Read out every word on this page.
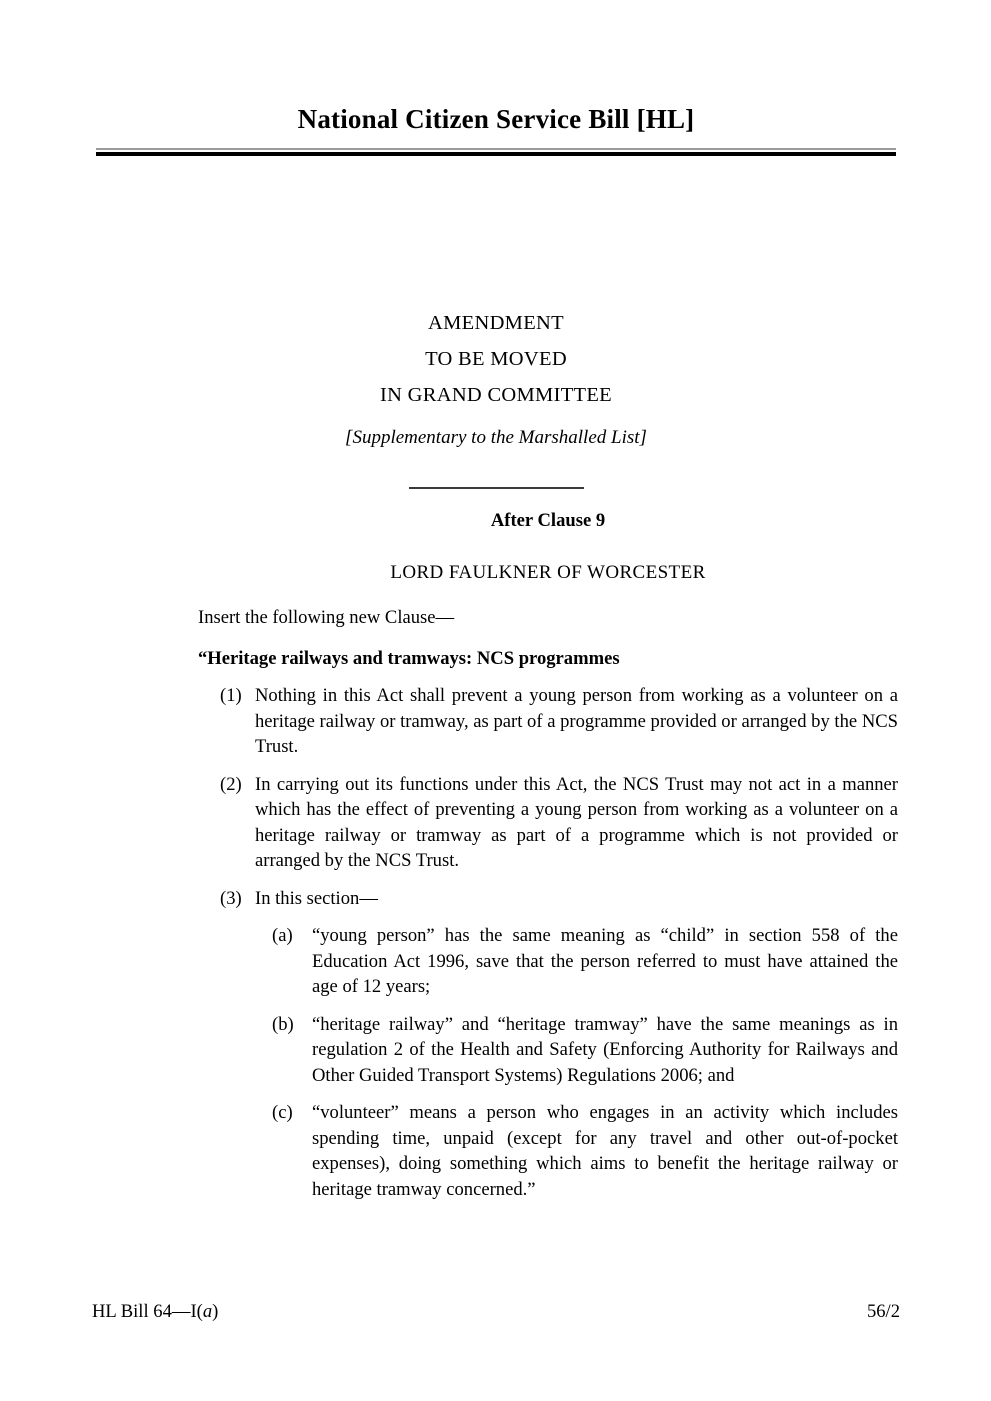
National Citizen Service Bill [HL]
AMENDMENT
TO BE MOVED
IN GRAND COMMITTEE
[Supplementary to the Marshalled List]
After Clause 9
LORD FAULKNER OF WORCESTER
Insert the following new Clause—
“Heritage railways and tramways: NCS programmes
(1) Nothing in this Act shall prevent a young person from working as a volunteer on a heritage railway or tramway, as part of a programme provided or arranged by the NCS Trust.
(2) In carrying out its functions under this Act, the NCS Trust may not act in a manner which has the effect of preventing a young person from working as a volunteer on a heritage railway or tramway as part of a programme which is not provided or arranged by the NCS Trust.
(3) In this section—
(a) “young person” has the same meaning as “child” in section 558 of the Education Act 1996, save that the person referred to must have attained the age of 12 years;
(b) “heritage railway” and “heritage tramway” have the same meanings as in regulation 2 of the Health and Safety (Enforcing Authority for Railways and Other Guided Transport Systems) Regulations 2006; and
(c) “volunteer” means a person who engages in an activity which includes spending time, unpaid (except for any travel and other out-of-pocket expenses), doing something which aims to benefit the heritage railway or heritage tramway concerned.”
HL Bill 64—I(a)	56/2
